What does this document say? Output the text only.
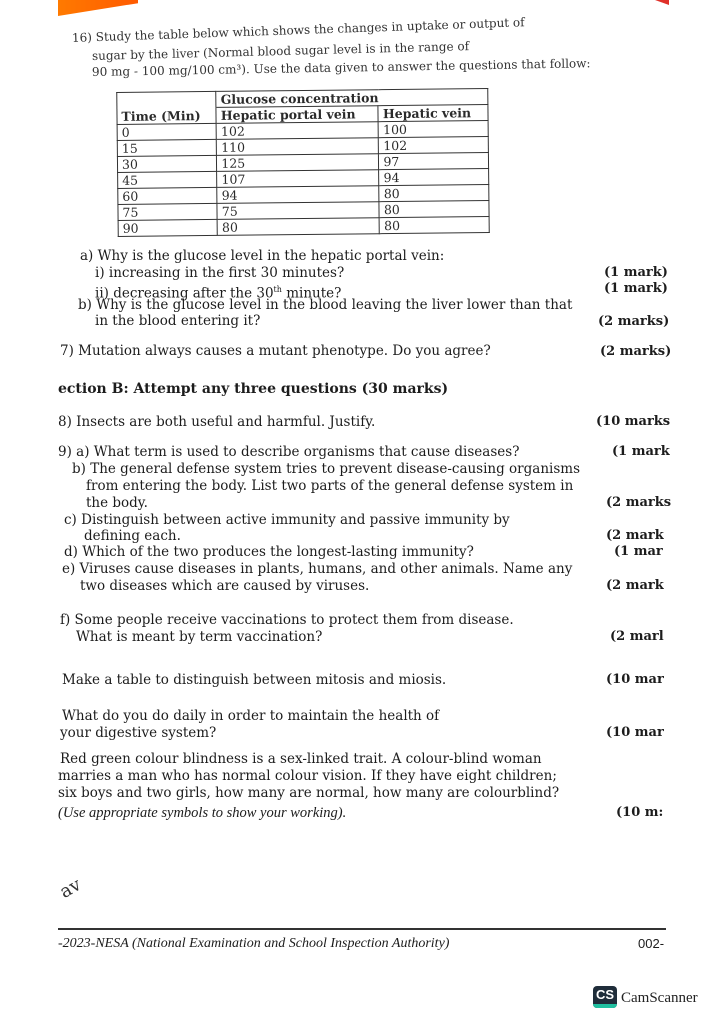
16) Study the table below which shows the changes in uptake or output of
sugar by the liver (Normal blood sugar level is in the range of
90 mg - 100 mg/100 cm³). Use the data given to answer the questions that follow:
	Glucose concentration	
Time (Min)	Hepatic portal vein	Hepatic vein
0	102	100
15	110	102
30	125	97
45	107	94
60	94	80
75	75	80
90	80	80
a) Why is the glucose level in the hepatic portal vein:
i) increasing in the first 30 minutes?	(1 mark)
ii) decreasing after the 30th minute?	(1 mark)
b) Why is the glucose level in the blood leaving the liver lower than that
in the blood entering it?	(2 marks)
7) Mutation always causes a mutant phenotype. Do you agree?	(2 marks)
ection B: Attempt any three questions (30 marks)
8) Insects are both useful and harmful. Justify.	(10 marks
9) a) What term is used to describe organisms that cause diseases?	(1 mark
b) The general defense system tries to prevent disease-causing organisms
from entering the body. List two parts of the general defense system in
the body.	(2 marks
c) Distinguish between active immunity and passive immunity by
defining each.	(2 mark
d) Which of the two produces the longest-lasting immunity?	(1 mar
e) Viruses cause diseases in plants, humans, and other animals. Name any
two diseases which are caused by viruses.	(2 mark
f) Some people receive vaccinations to protect them from disease.
What is meant by term vaccination?	(2 marl
Make a table to distinguish between mitosis and miosis.	(10 mar
What do you do daily in order to maintain the health of
your digestive system?	(10 mar
Red green colour blindness is a sex-linked trait. A colour-blind woman
marries a man who has normal colour vision. If they have eight children;
six boys and two girls, how many are normal, how many are colourblind?
(Use appropriate symbols to show your working).	(10 m:
av
-2023-NESA (National Examination and School Inspection Authority)	002-
CS CamScanner
